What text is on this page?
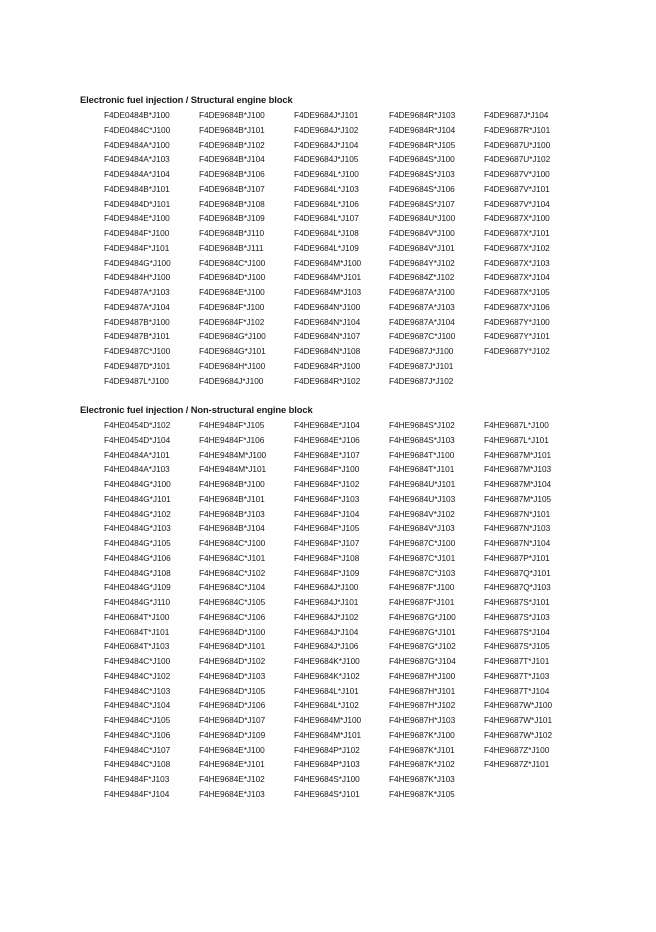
Electronic fuel injection / Structural engine block
F4DE0484B*J100
F4DE0484C*J100
F4DE9484A*J100
F4DE9484A*J103
F4DE9484A*J104
F4DE9484B*J101
F4DE9484D*J101
F4DE9484E*J100
F4DE9484F*J100
F4DE9484F*J101
F4DE9484G*J100
F4DE9484H*J100
F4DE9487A*J103
F4DE9487A*J104
F4DE9487B*J100
F4DE9487B*J101
F4DE9487C*J100
F4DE9487D*J101
F4DE9487L*J100
F4DE9684B*J100
F4DE9684B*J101
F4DE9684B*J102
F4DE9684B*J104
F4DE9684B*J106
F4DE9684B*J107
F4DE9684B*J108
F4DE9684B*J109
F4DE9684B*J110
F4DE9684B*J111
F4DE9684C*J100
F4DE9684D*J100
F4DE9684E*J100
F4DE9684F*J100
F4DE9684F*J102
F4DE9684G*J100
F4DE9684G*J101
F4DE9684H*J100
F4DE9684J*J100
F4DE9684J*J101
F4DE9684J*J102
F4DE9684J*J104
F4DE9684J*J105
F4DE9684L*J100
F4DE9684L*J103
F4DE9684L*J106
F4DE9684L*J107
F4DE9684L*J108
F4DE9684L*J109
F4DE9684M*J100
F4DE9684M*J101
F4DE9684M*J103
F4DE9684N*J100
F4DE9684N*J104
F4DE9684N*J107
F4DE9684N*J108
F4DE9684R*J100
F4DE9684R*J102
F4DE9684R*J103
F4DE9684R*J104
F4DE9684R*J105
F4DE9684S*J100
F4DE9684S*J103
F4DE9684S*J106
F4DE9684S*J107
F4DE9684U*J100
F4DE9684V*J100
F4DE9684V*J101
F4DE9684Y*J102
F4DE9684Z*J102
F4DE9687A*J100
F4DE9687A*J103
F4DE9687A*J104
F4DE9687C*J100
F4DE9687J*J100
F4DE9687J*J101
F4DE9687J*J102
F4DE9687J*J104
F4DE9687R*J101
F4DE9687U*J100
F4DE9687U*J102
F4DE9687V*J100
F4DE9687V*J101
F4DE9687V*J104
F4DE9687X*J100
F4DE9687X*J101
F4DE9687X*J102
F4DE9687X*J103
F4DE9687X*J104
F4DE9687X*J105
F4DE9687X*J106
F4DE9687Y*J100
F4DE9687Y*J101
F4DE9687Y*J102
Electronic fuel injection / Non-structural engine block
F4HE0454D*J102
F4HE0454D*J104
F4HE0484A*J101
F4HE0484A*J103
F4HE0484G*J100
F4HE0484G*J101
F4HE0484G*J102
F4HE0484G*J103
F4HE0484G*J105
F4HE0484G*J106
F4HE0484G*J108
F4HE0484G*J109
F4HE0484G*J110
F4HE0684T*J100
F4HE0684T*J101
F4HE0684T*J103
F4HE9484C*J100
F4HE9484C*J102
F4HE9484C*J103
F4HE9484C*J104
F4HE9484C*J105
F4HE9484C*J106
F4HE9484C*J107
F4HE9484C*J108
F4HE9484F*J103
F4HE9484F*J104
F4HE9484F*J105
F4HE9484F*J106
F4HE9484M*J100
F4HE9484M*J101
F4HE9684B*J100
F4HE9684B*J101
F4HE9684B*J103
F4HE9684B*J104
F4HE9684C*J100
F4HE9684C*J101
F4HE9684C*J102
F4HE9684C*J104
F4HE9684C*J105
F4HE9684C*J106
F4HE9684D*J100
F4HE9684D*J101
F4HE9684D*J102
F4HE9684D*J103
F4HE9684D*J105
F4HE9684D*J106
F4HE9684D*J107
F4HE9684D*J109
F4HE9684E*J100
F4HE9684E*J101
F4HE9684E*J102
F4HE9684E*J103
F4HE9684E*J104
F4HE9684E*J106
F4HE9684E*J107
F4HE9684F*J100
F4HE9684F*J102
F4HE9684F*J103
F4HE9684F*J104
F4HE9684F*J105
F4HE9684F*J107
F4HE9684F*J108
F4HE9684F*J109
F4HE9684J*J100
F4HE9684J*J101
F4HE9684J*J102
F4HE9684J*J104
F4HE9684J*J106
F4HE9684K*J100
F4HE9684K*J102
F4HE9684L*J101
F4HE9684L*J102
F4HE9684M*J100
F4HE9684M*J101
F4HE9684P*J102
F4HE9684P*J103
F4HE9684S*J100
F4HE9684S*J101
F4HE9684S*J102
F4HE9684S*J103
F4HE9684T*J100
F4HE9684T*J101
F4HE9684U*J101
F4HE9684U*J103
F4HE9684V*J102
F4HE9684V*J103
F4HE9687C*J100
F4HE9687C*J101
F4HE9687C*J103
F4HE9687F*J100
F4HE9687F*J101
F4HE9687G*J100
F4HE9687G*J101
F4HE9687G*J102
F4HE9687G*J104
F4HE9687H*J100
F4HE9687H*J101
F4HE9687H*J102
F4HE9687H*J103
F4HE9687K*J100
F4HE9687K*J101
F4HE9687K*J102
F4HE9687K*J103
F4HE9687K*J105
F4HE9687L*J100
F4HE9687L*J101
F4HE9687M*J101
F4HE9687M*J103
F4HE9687M*J104
F4HE9687M*J105
F4HE9687N*J101
F4HE9687N*J103
F4HE9687N*J104
F4HE9687P*J101
F4HE9687Q*J101
F4HE9687Q*J103
F4HE9687S*J101
F4HE9687S*J103
F4HE9687S*J104
F4HE9687S*J105
F4HE9687T*J101
F4HE9687T*J103
F4HE9687T*J104
F4HE9687W*J100
F4HE9687W*J101
F4HE9687W*J102
F4HE9687Z*J100
F4HE9687Z*J101
